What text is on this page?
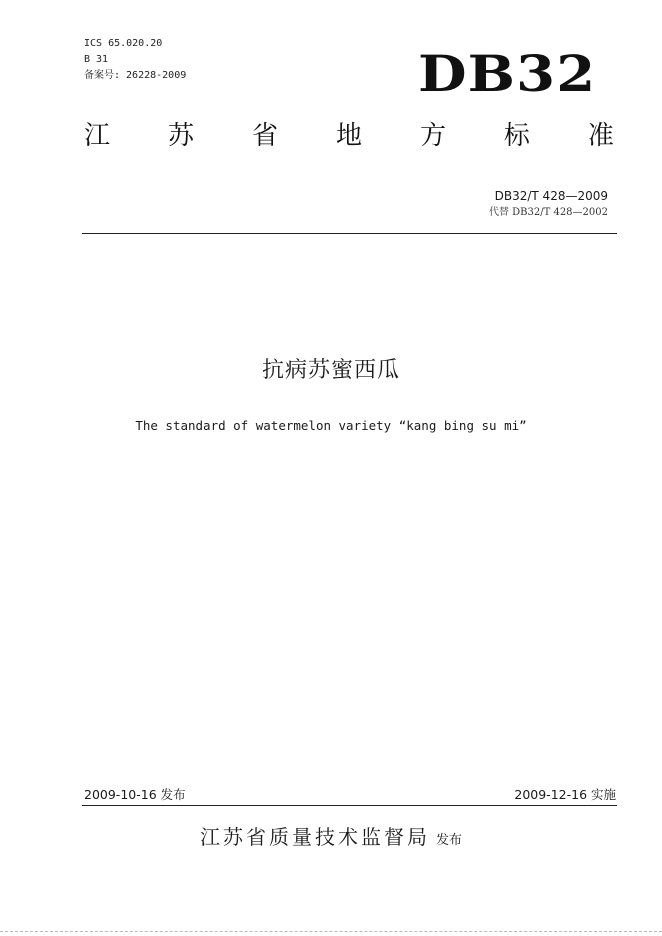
ICS 65.020.20
B 31
备案号: 26228-2009	DB32
江 苏 省 地 方 标 准
DB32/T 428—2009
代替 DB32/T 428—2002
抗病苏蜜西瓜
The standard of watermelon variety “kang bing su mi”
2009-10-16 发布	2009-12-16 实施
江苏省质量技术监督局 发布
